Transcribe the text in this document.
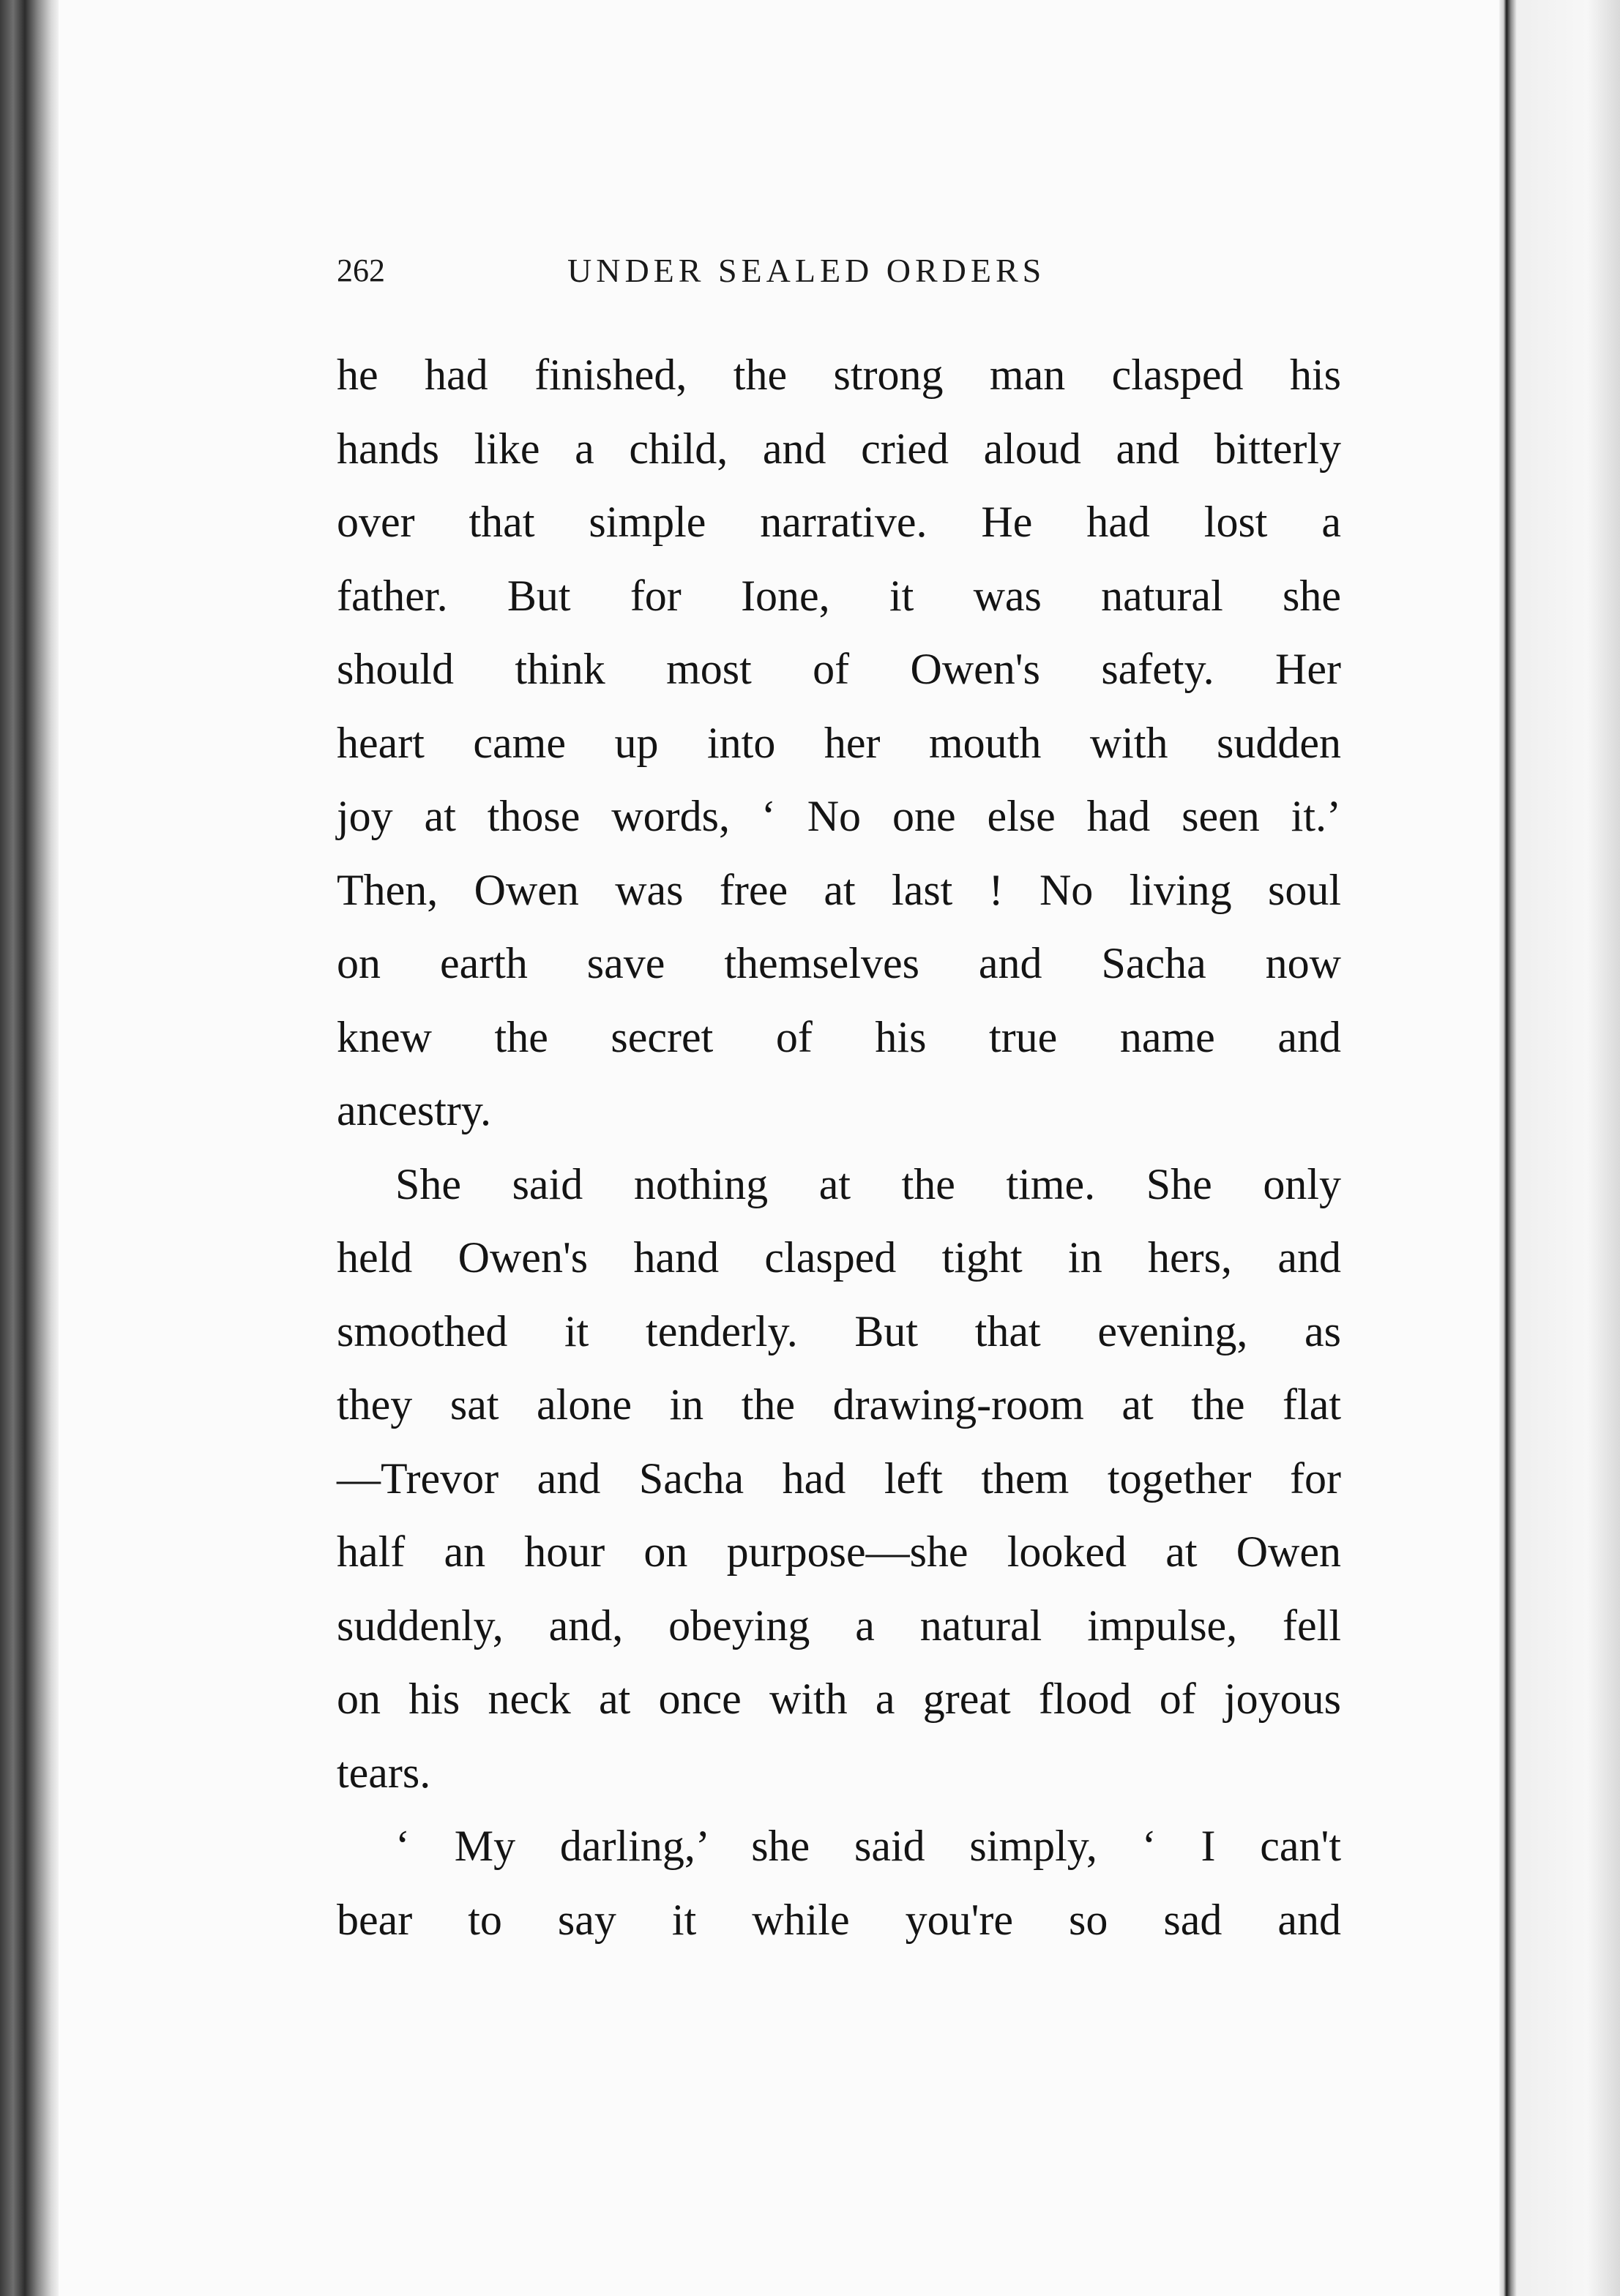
262	UNDER SEALED ORDERS
he had finished, the strong man clasped his
hands like a child, and cried aloud and bitterly
over that simple narrative. He had lost a
father. But for Ione, it was natural she
should think most of Owen's safety. Her
heart came up into her mouth with sudden
joy at those words, ‘ No one else had seen it.’
Then, Owen was free at last ! No living soul
on earth save themselves and Sacha now
knew the secret of his true name and
ancestry.
She said nothing at the time. She only
held Owen's hand clasped tight in hers, and
smoothed it tenderly. But that evening, as
they sat alone in the drawing-room at the flat
—Trevor and Sacha had left them together for
half an hour on purpose—she looked at Owen
suddenly, and, obeying a natural impulse, fell
on his neck at once with a great flood of joyous
tears.
‘ My darling,’ she said simply, ‘ I can't
bear to say it while you're so sad and
